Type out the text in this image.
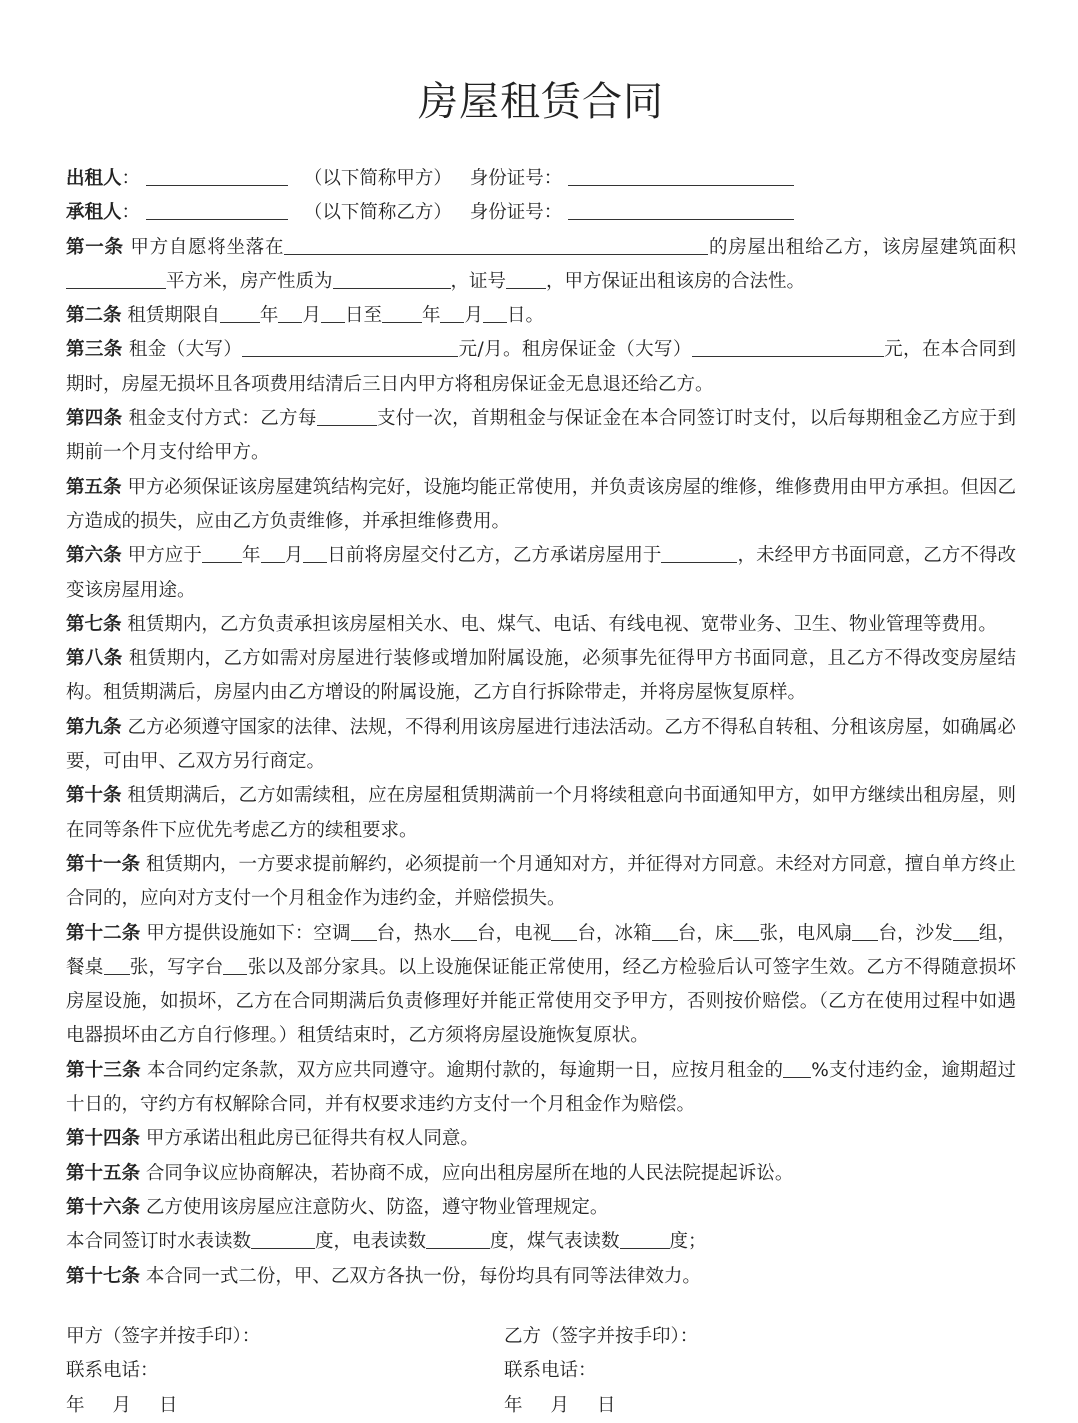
房屋租赁合同
出租人：	（以下简称甲方） 身份证号：
承租人：	（以下简称乙方） 身份证号：
第一条 甲方自愿将坐落在	的房屋出租给乙方，该房屋建筑面积平方米，房产性质为	，证号 ，甲方保证出租该房的合法性。
第二条 租赁期限自 年 月 日至 年 月 日。
第三条 租金（大写）	元/月。租房保证金（大写）	元，在本合同到期时，房屋无损坏且各项费用结清后三日内甲方将租房保证金无息退还给乙方。
第四条 租金支付方式：乙方每	支付一次，首期租金与保证金在本合同签订时支付，以后每期租金乙方应于到期前一个月支付给甲方。
第五条 甲方必须保证该房屋建筑结构完好，设施均能正常使用，并负责该房屋的维修，维修费用由甲方承担。但因乙方造成的损失，应由乙方负责维修，并承担维修费用。
第六条 甲方应于 年 月 日前将房屋交付乙方，乙方承诺房屋用于	，未经甲方书面同意，乙方不得改变该房屋用途。
第七条 租赁期内，乙方负责承担该房屋相关水、电、煤气、电话、有线电视、宽带业务、卫生、物业管理等费用。
第八条 租赁期内，乙方如需对房屋进行装修或增加附属设施，必须事先征得甲方书面同意，且乙方不得改变房屋结构。租赁期满后，房屋内由乙方增设的附属设施，乙方自行拆除带走，并将房屋恢复原样。
第九条 乙方必须遵守国家的法律、法规，不得利用该房屋进行违法活动。乙方不得私自转租、分租该房屋，如确属必要，可由甲、乙双方另行商定。
第十条 租赁期满后，乙方如需续租，应在房屋租赁期满前一个月将续租意向书面通知甲方，如甲方继续出租房屋，则在同等条件下应优先考虑乙方的续租要求。
第十一条 租赁期内，一方要求提前解约，必须提前一个月通知对方，并征得对方同意。未经对方同意，擅自单方终止合同的，应向对方支付一个月租金作为违约金，并赔偿损失。
第十二条 甲方提供设施如下：空调 台，热水 台，电视 台，冰箱 台，床 张，电风扇 台，沙发 组，餐桌 张，写字台 张以及部分家具。以上设施保证能正常使用，经乙方检验后认可签字生效。乙方不得随意损坏房屋设施，如损坏，乙方在合同期满后负责修理好并能正常使用交予甲方，否则按价赔偿。（乙方在使用过程中如遇电器损坏由乙方自行修理。）租赁结束时，乙方须将房屋设施恢复原状。
第十三条 本合同约定条款，双方应共同遵守。逾期付款的，每逾期一日，应按月租金的 %支付违约金，逾期超过十日的，守约方有权解除合同，并有权要求违约方支付一个月租金作为赔偿。
第十四条 甲方承诺出租此房已征得共有权人同意。
第十五条 合同争议应协商解决，若协商不成，应向出租房屋所在地的人民法院提起诉讼。
第十六条 乙方使用该房屋应注意防火、防盗，遵守物业管理规定。
本合同签订时水表读数	度，电表读数	度，煤气表读数	度；
第十七条 本合同一式二份，甲、乙双方各执一份，每份均具有同等法律效力。
甲方（签字并按手印）：
联系电话：
年 月 日
乙方（签字并按手印）：
联系电话：
年 月 日
